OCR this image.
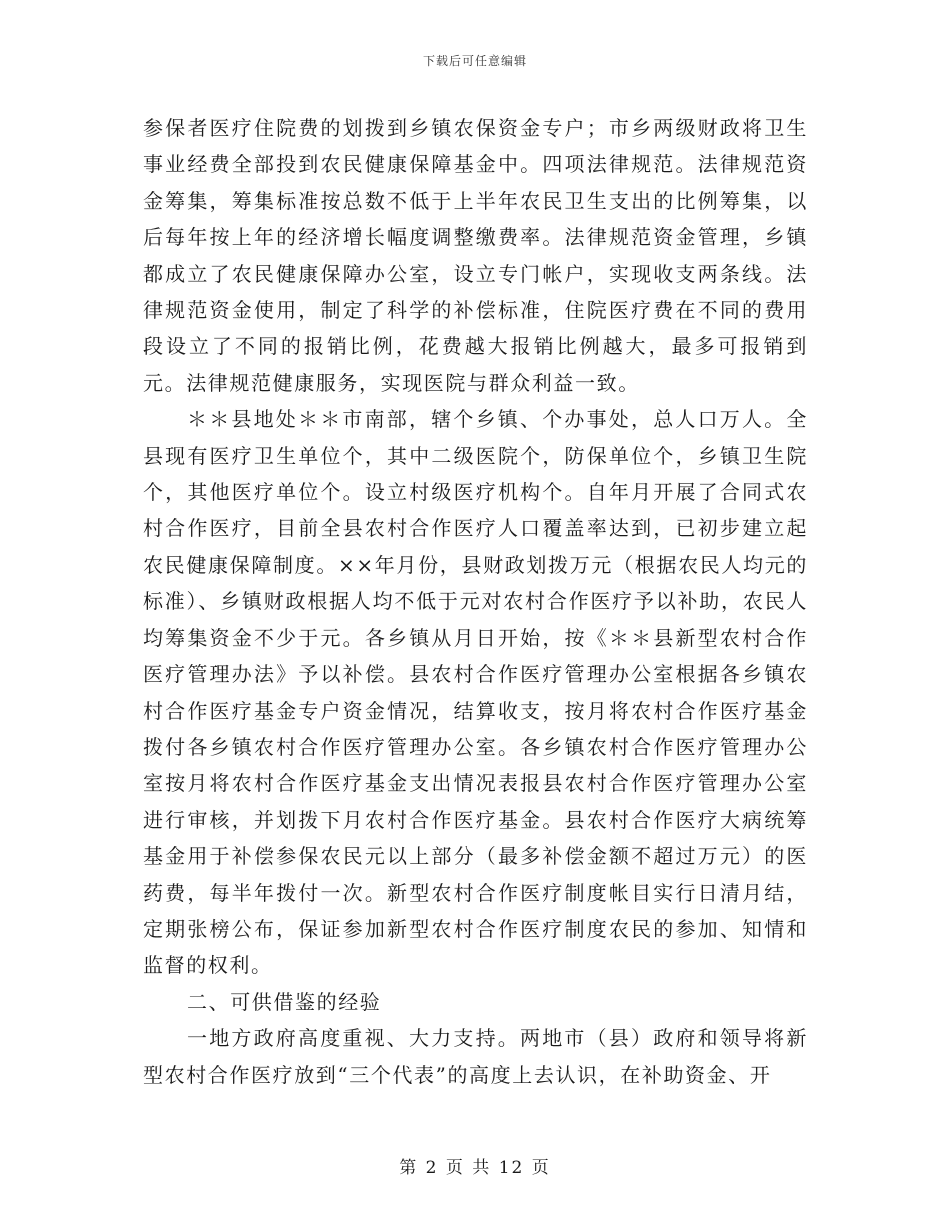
下载后可任意编辑

参保者医疗住院费的划拨到乡镇农保资金专户；市乡两级财政将卫生事业经费全部投到农民健康保障基金中。四项法律规范。法律规范资金筹集，筹集标准按总数不低于上半年农民卫生支出的比例筹集，以后每年按上年的经济增长幅度调整缴费率。法律规范资金管理，乡镇都成立了农民健康保障办公室，设立专门帐户，实现收支两条线。法律规范资金使用，制定了科学的补偿标准，住院医疗费在不同的费用段设立了不同的报销比例，花费越大报销比例越大，最多可报销到元。法律规范健康服务，实现医院与群众利益一致。

＊＊县地处＊＊市南部，辖个乡镇、个办事处，总人口万人。全县现有医疗卫生单位个，其中二级医院个，防保单位个，乡镇卫生院个，其他医疗单位个。设立村级医疗机构个。自年月开展了合同式农村合作医疗，目前全县农村合作医疗人口覆盖率达到，已初步建立起农民健康保障制度。××年月份，县财政划拨万元（根据农民人均元的标准）、乡镇财政根据人均不低于元对农村合作医疗予以补助，农民人均筹集资金不少于元。各乡镇从月日开始，按《＊＊县新型农村合作医疗管理办法》予以补偿。县农村合作医疗管理办公室根据各乡镇农村合作医疗基金专户资金情况，结算收支，按月将农村合作医疗基金拨付各乡镇农村合作医疗管理办公室。各乡镇农村合作医疗管理办公室按月将农村合作医疗基金支出情况表报县农村合作医疗管理办公室进行审核，并划拨下月农村合作医疗基金。县农村合作医疗大病统筹基金用于补偿参保农民元以上部分（最多补偿金额不超过万元）的医药费，每半年拨付一次。新型农村合作医疗制度帐目实行日清月结，定期张榜公布，保证参加新型农村合作医疗制度农民的参加、知情和监督的权利。

二、可供借鉴的经验

一地方政府高度重视、大力支持。两地市（县）政府和领导将新型农村合作医疗放到“三个代表”的高度上去认识，在补助资金、开

第 2 页 共 12 页
